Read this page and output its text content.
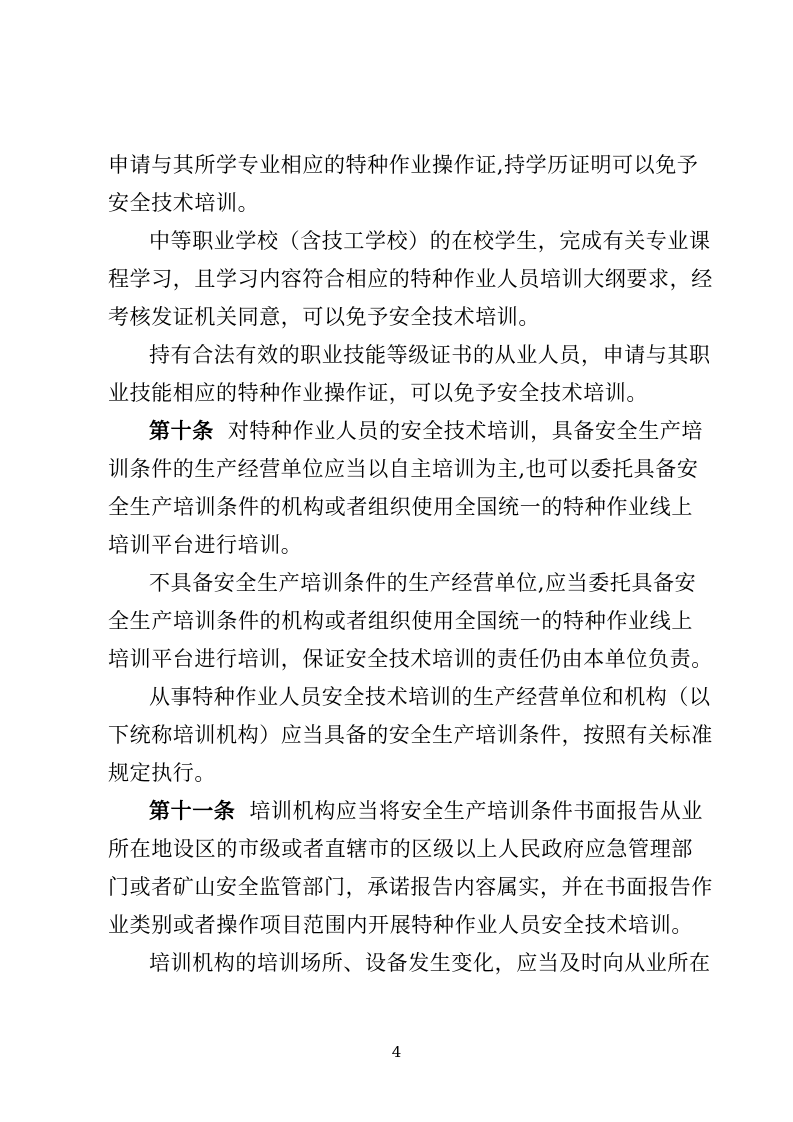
申请与其所学专业相应的特种作业操作证,持学历证明可以免予
安全技术培训。
中等职业学校（含技工学校）的在校学生，完成有关专业课
程学习，且学习内容符合相应的特种作业人员培训大纲要求，经
考核发证机关同意，可以免予安全技术培训。
持有合法有效的职业技能等级证书的从业人员，申请与其职
业技能相应的特种作业操作证，可以免予安全技术培训。
第十条 对特种作业人员的安全技术培训，具备安全生产培
训条件的生产经营单位应当以自主培训为主,也可以委托具备安
全生产培训条件的机构或者组织使用全国统一的特种作业线上
培训平台进行培训。
不具备安全生产培训条件的生产经营单位,应当委托具备安
全生产培训条件的机构或者组织使用全国统一的特种作业线上
培训平台进行培训，保证安全技术培训的责任仍由本单位负责。
从事特种作业人员安全技术培训的生产经营单位和机构（以
下统称培训机构）应当具备的安全生产培训条件，按照有关标准
规定执行。
第十一条 培训机构应当将安全生产培训条件书面报告从业
所在地设区的市级或者直辖市的区级以上人民政府应急管理部
门或者矿山安全监管部门，承诺报告内容属实，并在书面报告作
业类别或者操作项目范围内开展特种作业人员安全技术培训。
培训机构的培训场所、设备发生变化，应当及时向从业所在
4
